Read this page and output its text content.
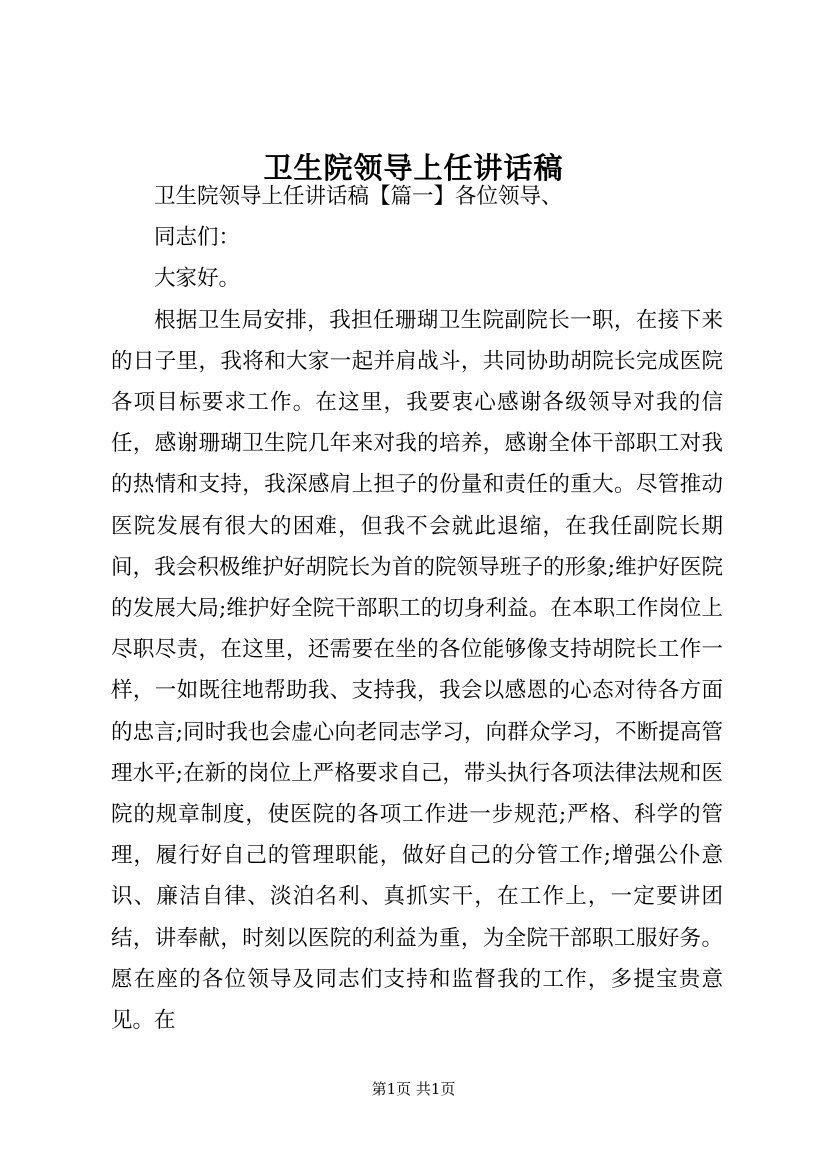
卫生院领导上任讲话稿

卫生院领导上任讲话稿【篇一】各位领导、

同志们：

大家好。

根据卫生局安排，我担任珊瑚卫生院副院长一职，在接下来的日子里，我将和大家一起并肩战斗，共同协助胡院长完成医院各项目标要求工作。在这里，我要衷心感谢各级领导对我的信任，感谢珊瑚卫生院几年来对我的培养，感谢全体干部职工对我的热情和支持，我深感肩上担子的份量和责任的重大。尽管推动医院发展有很大的困难，但我不会就此退缩，在我任副院长期间，我会积极维护好胡院长为首的院领导班子的形象;维护好医院的发展大局;维护好全院干部职工的切身利益。在本职工作岗位上尽职尽责，在这里，还需要在坐的各位能够像支持胡院长工作一样，一如既往地帮助我、支持我，我会以感恩的心态对待各方面的忠言;同时我也会虚心向老同志学习，向群众学习，不断提高管理水平;在新的岗位上严格要求自己，带头执行各项法律法规和医院的规章制度，使医院的各项工作进一步规范;严格、科学的管理，履行好自己的管理职能，做好自己的分管工作;增强公仆意识、廉洁自律、淡泊名利、真抓实干，在工作上，一定要讲团结，讲奉献，时刻以医院的利益为重，为全院干部职工服好务。愿在座的各位领导及同志们支持和监督我的工作，多提宝贵意见。在

第1页 共1页
